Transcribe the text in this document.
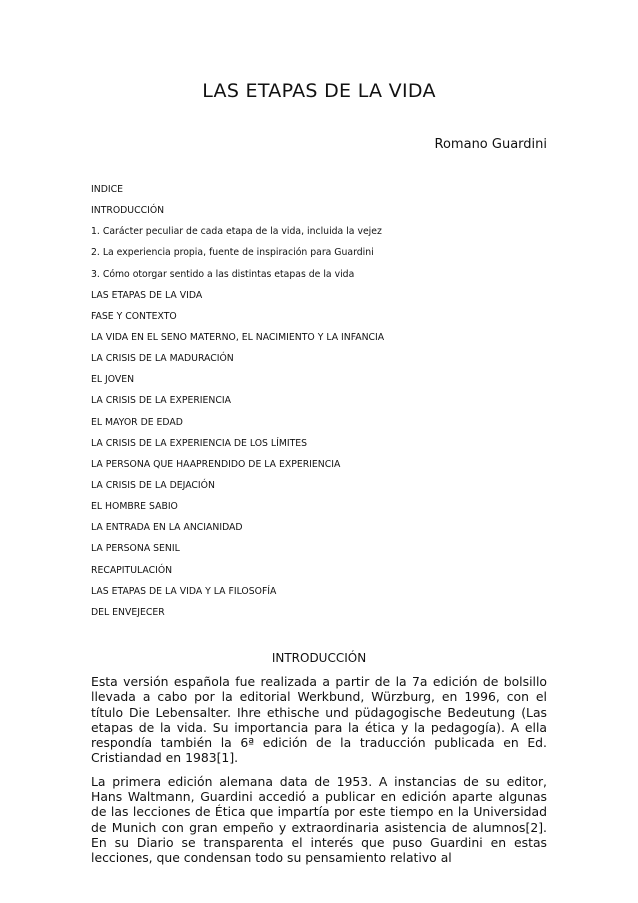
LAS ETAPAS DE LA VIDA
Romano Guardini
INDICE
INTRODUCCIÓN
1. Carácter peculiar de cada etapa de la vida, incluida la vejez
2. La experiencia propia, fuente de inspiración para Guardini
3. Cómo otorgar sentido a las distintas etapas de la vida
LAS ETAPAS DE LA VIDA
FASE Y CONTEXTO
LA VIDA EN EL SENO MATERNO, EL NACIMIENTO Y LA INFANCIA
LA CRISIS DE LA MADURACIÓN
EL JOVEN
LA CRISIS DE LA EXPERIENCIA
EL MAYOR DE EDAD
LA CRISIS DE LA EXPERIENCIA DE LOS LÍMITES
LA PERSONA QUE HAAPRENDIDO DE LA EXPERIENCIA
LA CRISIS DE LA DEJACIÓN
EL HOMBRE SABIO
LA ENTRADA EN LA ANCIANIDAD
LA PERSONA SENIL
RECAPITULACIÓN
LAS ETAPAS DE LA VIDA Y LA FILOSOFÍA
DEL ENVEJECER
INTRODUCCIÓN

Esta versión española fue realizada a partir de la 7a edición de bolsillo llevada a cabo por la editorial Werkbund, Würzburg, en 1996, con el título Die Lebensalter. Ihre ethische und püdagogische Bedeutung (Las etapas de la vida. Su importancia para la ética y la pedagogía). A ella respondía también la 6ª edición de la traducción publicada en Ed. Cristiandad en 1983[1].

La primera edición alemana data de 1953. A instancias de su editor, Hans Waltmann, Guardini accedió a publicar en edición aparte algunas de las lecciones de Ética que impartía por este tiempo en la Universidad de Munich con gran empeño y extraordinaria asistencia de alumnos[2]. En su Diario se transparenta el interés que puso Guardini en estas lecciones, que condensan todo su pensamiento relativo al
